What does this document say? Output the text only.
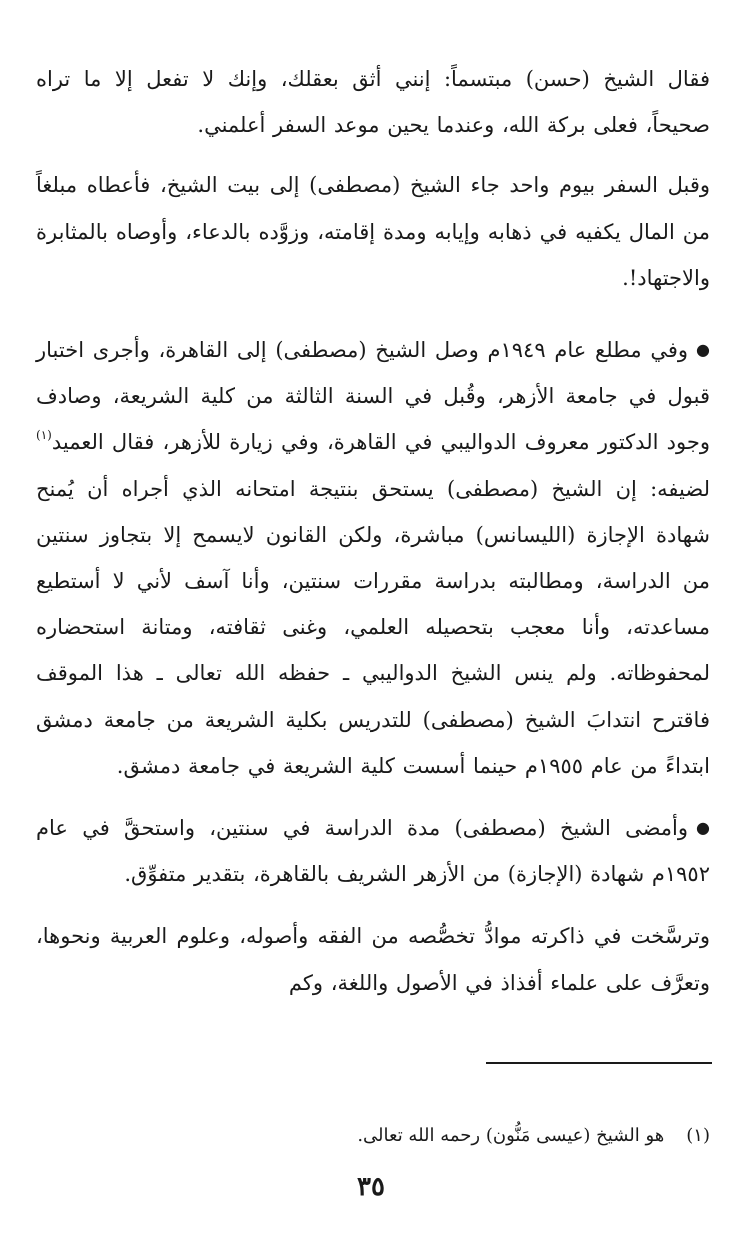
فقال الشيخ (حسن) مبتسماً: إنني أثق بعقلك، وإنك لا تفعل إلا ما تراه صحيحاً، فعلى بركة الله، وعندما يحين موعد السفر أعلمني.

وقبل السفر بيوم واحد جاء الشيخ (مصطفى) إلى بيت الشيخ، فأعطاه مبلغاً من المال يكفيه في ذهابه وإيابه ومدة إقامته، وزوَّده بالدعاء، وأوصاه بالمثابرة والاجتهاد!.

●وفي مطلع عام ١٩٤٩م وصل الشيخ (مصطفى) إلى القاهرة، وأجرى اختبار قبول في جامعة الأزهر، وقُبل في السنة الثالثة من كلية الشريعة، وصادف وجود الدكتور معروف الدواليبي في القاهرة، وفي زيارة للأزهر، فقال العميد$^{(١)}$ لضيفه: إن الشيخ (مصطفى) يستحق بنتيجة امتحانه الذي أجراه أن يُمنح شهادة الإجازة (الليسانس) مباشرة، ولكن القانون لايسمح إلا بتجاوز سنتين من الدراسة، ومطالبته بدراسة مقررات سنتين، وأنا آسف لأني لا أستطيع مساعدته، وأنا معجب بتحصيله العلمي، وغنى ثقافته، ومتانة استحضاره لمحفوظاته. ولم ينس الشيخ الدواليبي ـ حفظه الله تعالى ـ هذا الموقف فاقترح انتدابَ الشيخ (مصطفى) للتدريس بكلية الشريعة من جامعة دمشق ابتداءً من عام ١٩٥٥م حينما أسست كلية الشريعة في جامعة دمشق.

●وأمضى الشيخ (مصطفى) مدة الدراسة في سنتين، واستحقَّ في عام ١٩٥٢م شهادة (الإجازة) من الأزهر الشريف بالقاهرة، بتقدير متفوِّق.

وترسَّخت في ذاكرته موادُّ تخصُّصه من الفقه وأصوله، وعلوم العربية ونحوها، وتعرَّف على علماء أفذاذ في الأصول واللغة، وكم

(١)هو الشيخ (عيسى مَنُّون) رحمه الله تعالى.
٣٥
